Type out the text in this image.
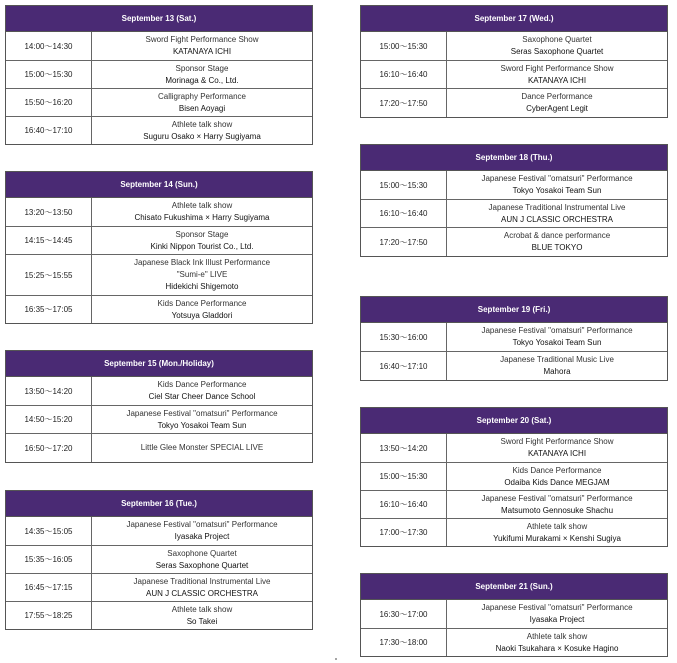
September 13 (Sat.)
14:00〜14:30
Sword Fight Performance Show
KATANAYA ICHI
15:00〜15:30
Sponsor Stage
Morinaga & Co., Ltd.
15:50〜16:20
Calligraphy Performance
Bisen Aoyagi
16:40〜17:10
Athlete talk show
Suguru Osako × Harry Sugiyama
September 14 (Sun.)
13:20〜13:50
Athlete talk show
Chisato Fukushima × Harry Sugiyama
14:15〜14:45
Sponsor Stage
Kinki Nippon Tourist Co., Ltd.
15:25〜15:55
Japanese Black Ink Illust Performance
"Sumi-e" LIVE
Hidekichi Shigemoto
16:35〜17:05
Kids Dance Performance
Yotsuya Gladdori
September 15 (Mon./Holiday)
13:50〜14:20
Kids Dance Performance
Ciel Star Cheer Dance School
14:50〜15:20
Japanese Festival "omatsuri" Performance
Tokyo Yosakoi Team Sun
16:50〜17:20	Little Glee Monster SPECIAL LIVE
September 16 (Tue.)
14:35〜15:05
Japanese Festival "omatsuri" Performance
Iyasaka Project
15:35〜16:05
Saxophone Quartet
Seras Saxophone Quartet
16:45〜17:15
Japanese Traditional Instrumental Live
AUN J CLASSIC ORCHESTRA
17:55〜18:25
Athlete talk show
So Takei
September 17 (Wed.)
15:00〜15:30
Saxophone Quartet
Seras Saxophone Quartet
16:10〜16:40
Sword Fight Performance Show
KATANAYA ICHI
17:20〜17:50
Dance Performance
CyberAgent Legit
September 18 (Thu.)
15:00〜15:30
Japanese Festival "omatsuri" Performance
Tokyo Yosakoi Team Sun
16:10〜16:40
Japanese Traditional Instrumental Live
AUN J CLASSIC ORCHESTRA
17:20〜17:50
Acrobat & dance performance
BLUE TOKYO
September 19 (Fri.)
15:30〜16:00
Japanese Festival "omatsuri" Performance
Tokyo Yosakoi Team Sun
16:40〜17:10
Japanese Traditional Music Live
Mahora
September 20 (Sat.)
13:50〜14:20
Sword Fight Performance Show
KATANAYA ICHI
15:00〜15:30
Kids Dance Performance
Odaiba Kids Dance MEGJAM
16:10〜16:40
Japanese Festival "omatsuri" Performance
Matsumoto Gennosuke Shachu
17:00〜17:30
Athlete talk show
Yukifumi Murakami × Kenshi Sugiya
September 21 (Sun.)
16:30〜17:00
Japanese Festival "omatsuri" Performance
Iyasaka Project
17:30〜18:00
Athlete talk show
Naoki Tsukahara × Kosuke Hagino
